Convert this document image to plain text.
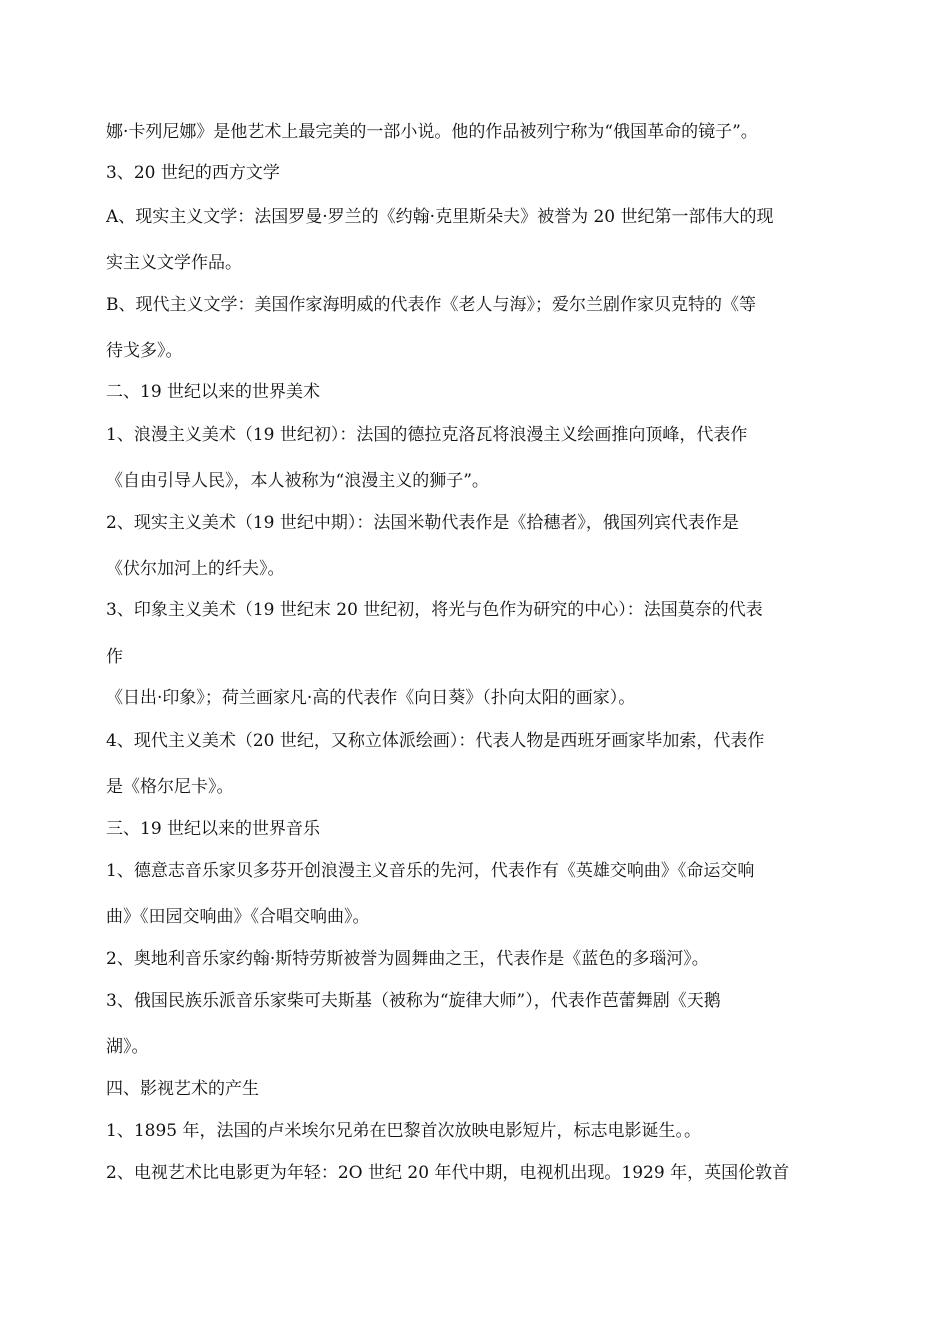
娜·卡列尼娜》是他艺术上最完美的一部小说。他的作品被列宁称为“俄国革命的镜子”。
3、20 世纪的西方文学
A、现实主义文学：法国罗曼·罗兰的《约翰·克里斯朵夫》被誉为 20 世纪第一部伟大的现
实主义文学作品。
B、现代主义文学：美国作家海明威的代表作《老人与海》；爱尔兰剧作家贝克特的《等
待戈多》。
二、19 世纪以来的世界美术
1、浪漫主义美术（19 世纪初）：法国的德拉克洛瓦将浪漫主义绘画推向顶峰，代表作
《自由引导人民》，本人被称为“浪漫主义的狮子”。
2、现实主义美术（19 世纪中期）：法国米勒代表作是《拾穗者》，俄国列宾代表作是
《伏尔加河上的纤夫》。
3、印象主义美术（19 世纪末 20 世纪初，将光与色作为研究的中心）：法国莫奈的代表
作
《日出·印象》；荷兰画家凡·高的代表作《向日葵》（扑向太阳的画家）。
4、现代主义美术（20 世纪，又称立体派绘画）：代表人物是西班牙画家毕加索，代表作
是《格尔尼卡》。
三、19 世纪以来的世界音乐
1、德意志音乐家贝多芬开创浪漫主义音乐的先河，代表作有《英雄交响曲》《命运交响
曲》《田园交响曲》《合唱交响曲》。
2、奥地利音乐家约翰·斯特劳斯被誉为圆舞曲之王，代表作是《蓝色的多瑙河》。
3、俄国民族乐派音乐家柴可夫斯基（被称为“旋律大师”），代表作芭蕾舞剧《天鹅
湖》。
四、影视艺术的产生
1、1895 年，法国的卢米埃尔兄弟在巴黎首次放映电影短片，标志电影诞生。。
2、电视艺术比电影更为年轻：2O 世纪 20 年代中期，电视机出现。1929 年，英国伦敦首
